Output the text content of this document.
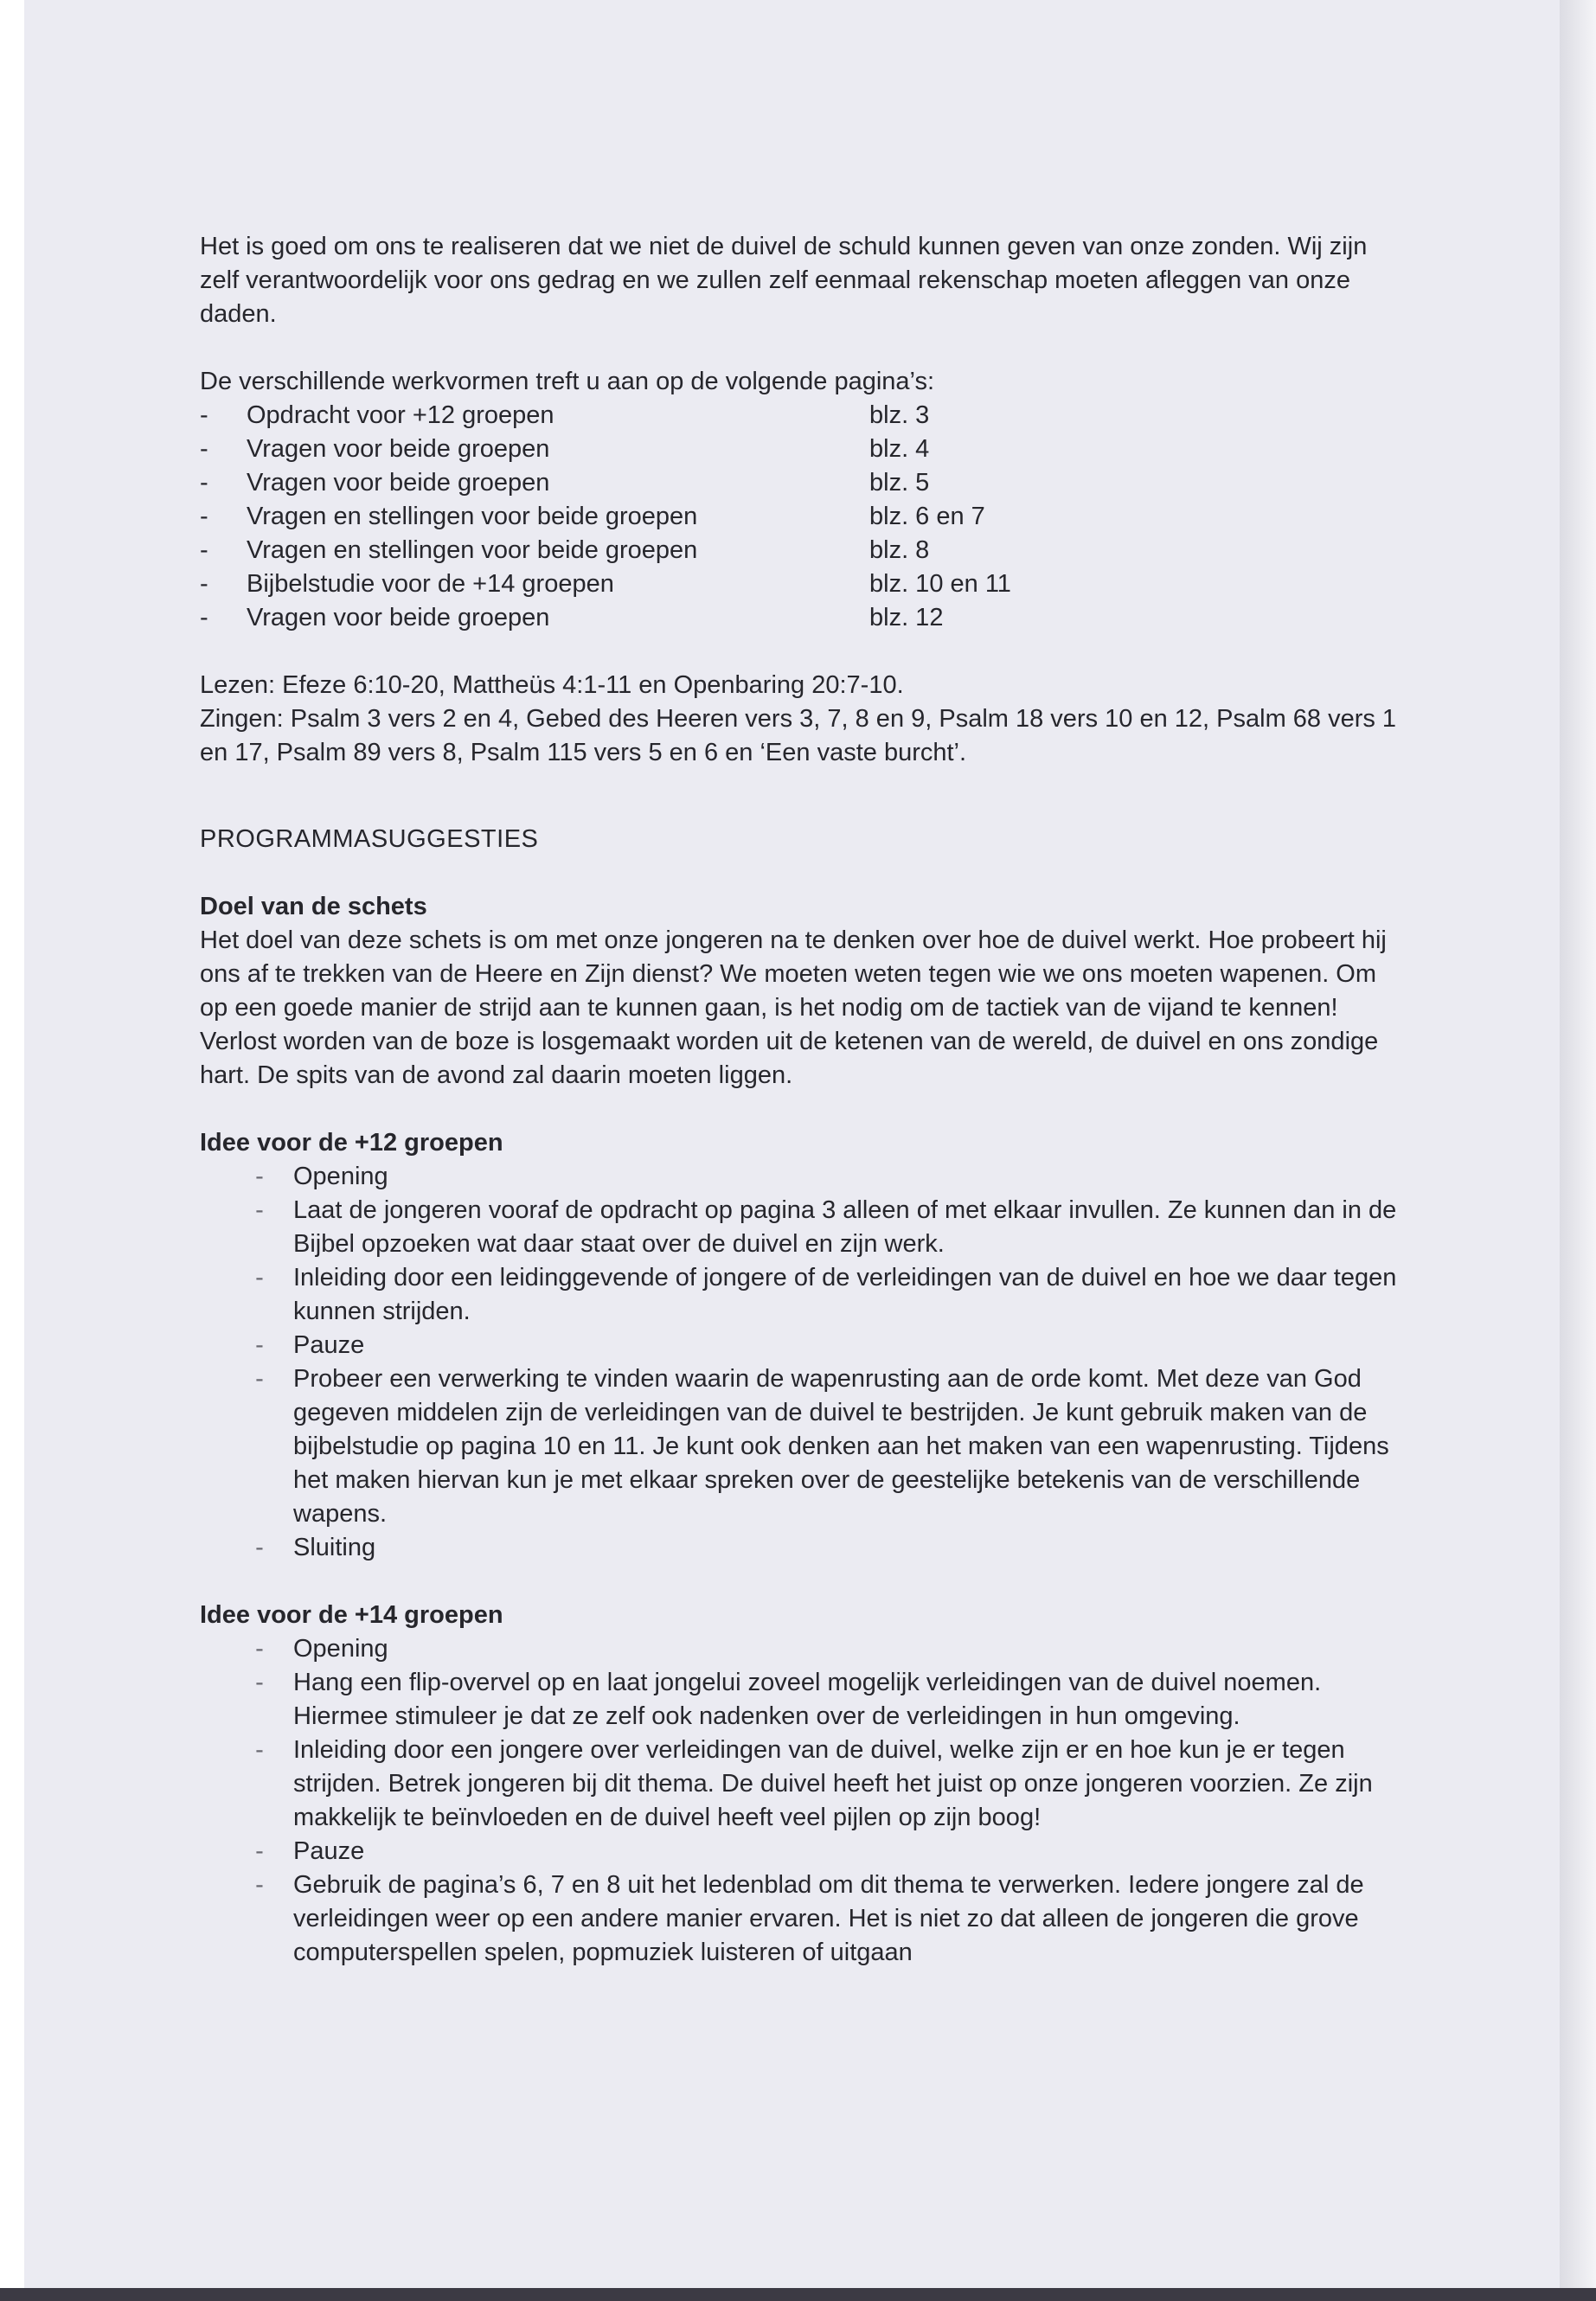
Het is goed om ons te realiseren dat we niet de duivel de schuld kunnen geven van onze zonden. Wij zijn zelf verantwoordelijk voor ons gedrag en we zullen zelf eenmaal rekenschap moeten afleggen van onze daden.

De verschillende werkvormen treft u aan op de volgende pagina’s:

-	Opdracht voor +12 groepen	blz. 3
-	Vragen voor beide groepen	blz. 4
-	Vragen voor beide groepen	blz. 5
-	Vragen en stellingen voor beide groepen	blz. 6 en 7
-	Vragen en stellingen voor beide groepen	blz. 8
-	Bijbelstudie voor de +14 groepen	blz. 10 en 11
-	Vragen voor beide groepen	blz. 12

Lezen: Efeze 6:10-20, Mattheüs 4:1-11 en Openbaring 20:7-10.

Zingen: Psalm 3 vers 2 en 4, Gebed des Heeren vers 3, 7, 8 en 9, Psalm 18 vers 10 en 12, Psalm 68 vers 1 en 17, Psalm 89 vers 8, Psalm 115 vers 5 en 6 en ‘Een vaste burcht’.

PROGRAMMASUGGESTIES

Doel van de schets

Het doel van deze schets is om met onze jongeren na te denken over hoe de duivel werkt. Hoe probeert hij ons af te trekken van de Heere en Zijn dienst? We moeten weten tegen wie we ons moeten wapenen. Om op een goede manier de strijd aan te kunnen gaan, is het nodig om de tactiek van de vijand te kennen! Verlost worden van de boze is losgemaakt worden uit de ketenen van de wereld, de duivel en ons zondige hart. De spits van de avond zal daarin moeten liggen.

Idee voor de +12 groepen

-	Opening
-	Laat de jongeren vooraf de opdracht op pagina 3 alleen of met elkaar invullen. Ze kunnen dan in de Bijbel opzoeken wat daar staat over de duivel en zijn werk.
-	Inleiding door een leidinggevende of jongere of de verleidingen van de duivel en hoe we daar tegen kunnen strijden.
-	Pauze
-	Probeer een verwerking te vinden waarin de wapenrusting aan de orde komt. Met deze van God gegeven middelen zijn de verleidingen van de duivel te bestrijden. Je kunt gebruik maken van de bijbelstudie op pagina 10 en 11. Je kunt ook denken aan het maken van een wapenrusting. Tijdens het maken hiervan kun je met elkaar spreken over de geestelijke betekenis van de verschillende wapens.
-	Sluiting

Idee voor de +14 groepen

-	Opening
-	Hang een flip-overvel op en laat jongelui zoveel mogelijk verleidingen van de duivel noemen. Hiermee stimuleer je dat ze zelf ook nadenken over de verleidingen in hun omgeving.
-	Inleiding door een jongere over verleidingen van de duivel, welke zijn er en hoe kun je er tegen strijden. Betrek jongeren bij dit thema. De duivel heeft het juist op onze jongeren voorzien. Ze zijn makkelijk te beïnvloeden en de duivel heeft veel pijlen op zijn boog!
-	Pauze
-	Gebruik de pagina’s 6, 7 en 8 uit het ledenblad om dit thema te verwerken. Iedere jongere zal de verleidingen weer op een andere manier ervaren. Het is niet zo dat alleen de jongeren die grove computerspellen spelen, popmuziek luisteren of uitgaan
